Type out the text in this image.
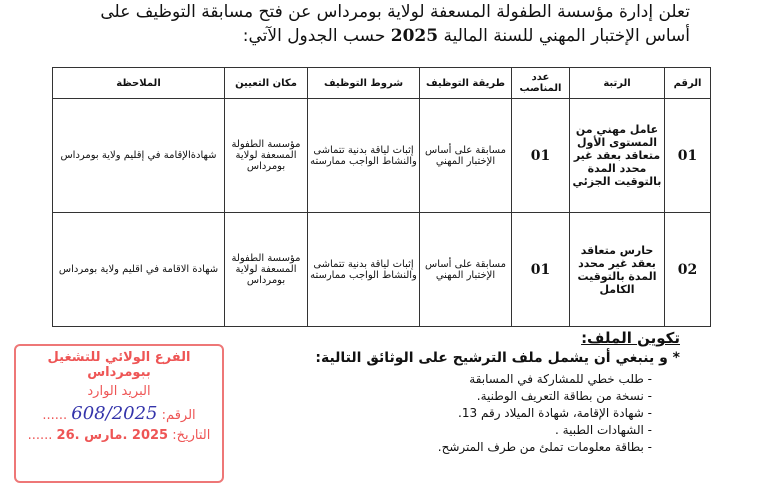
تعلن إدارة مؤسسة الطفولة المسعفة لولاية بومرداس عن فتح مسابقة التوظيف على
أساس الإختبار المهني للسنة المالية 2025 حسب الجدول الآتي:
الرقم	الرتبة	عدد المناصب	طريقة التوظيف	شروط التوظيف	مكان التعيين	الملاحظة
01	عامل مهني من المستوى الأول متعاقد بعقد غير محدد المدة بالتوقيت الجزئي	01	مسابقة على أساس الإختبار المهني	إثبات لياقة بدنية تتماشى والنشاط الواجب ممارسته	مؤسسة الطفولة المسعفة لولاية بومرداس	شهادةالإقامة في إقليم ولاية بومرداس
02	حارس متعاقد بعقد غير محدد المدة بالتوقيت الكامل	01	مسابقة على أساس الإختبار المهني	إثبات لياقة بدنية تتماشى والنشاط الواجب ممارسته	مؤسسة الطفولة المسعفة لولاية بومرداس	شهادة الاقامة في اقليم ولاية بومرداس
تكوين الملف:
* و ينبغي أن يشمل ملف الترشيح على الوثائق التالية:
- طلب خطي للمشاركة في المسابقة
- نسخة من بطاقة التعريف الوطنية.
- شهادة الإقامة، شهادة الميلاد رقم 13.
- الشهادات الطبية .
- بطاقة معلومات تملئ من طرف المترشح.
الفرع الولائي للتشغيل ببومرداس
البريد الوارد
الرقم: 608/2025 ......
التاريخ: 2025 .مارس .26 ......
